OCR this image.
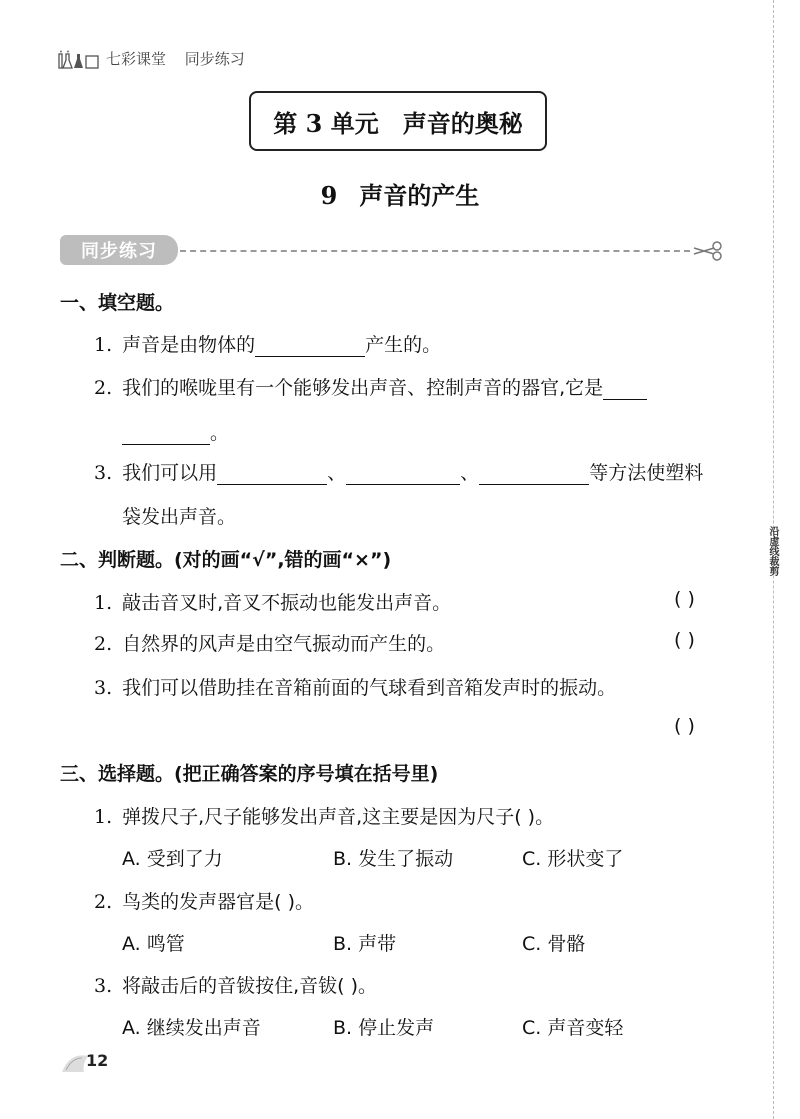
七彩课堂 同步练习
第 3 单元 声音的奥秘
9 声音的产生
同步练习
沿虚线裁剪
一、填空题。
1. 声音是由物体的	产生的。
2. 我们的喉咙里有一个能够发出声音、控制声音的器官,它是
。
3. 我们可以用	、	、	等方法使塑料
袋发出声音。
二、判断题。(对的画“√”,错的画“×”)
1. 敲击音叉时,音叉不振动也能发出声音。	( )
2. 自然界的风声是由空气振动而产生的。	( )
3. 我们可以借助挂在音箱前面的气球看到音箱发声时的振动。
( )
三、选择题。(把正确答案的序号填在括号里)
1. 弹拨尺子,尺子能够发出声音,这主要是因为尺子( )。
A. 受到了力	B. 发生了振动	C. 形状变了
2. 鸟类的发声器官是( )。
A. 鸣管	B. 声带	C. 骨骼
3. 将敲击后的音钹按住,音钹( )。
A. 继续发出声音	B. 停止发声	C. 声音变轻
12
